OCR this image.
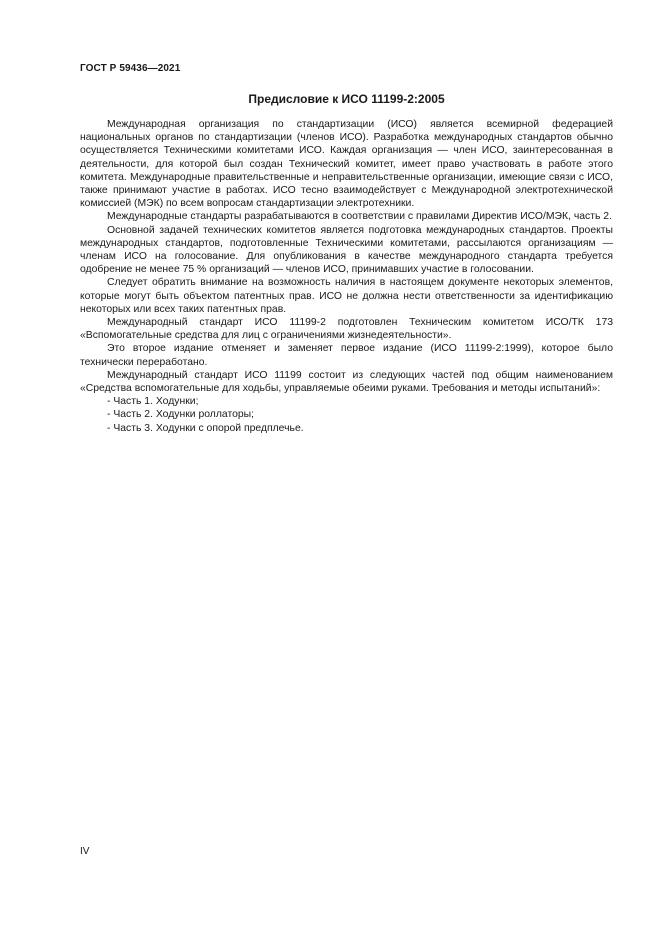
ГОСТ Р 59436—2021
Предисловие к ИСО 11199-2:2005

Международная организация по стандартизации (ИСО) является всемирной федерацией национальных органов по стандартизации (членов ИСО). Разработка международных стандартов обычно осуществляется Техническими комитетами ИСО. Каждая организация — член ИСО, заинтересованная в деятельности, для которой был создан Технический комитет, имеет право участвовать в работе этого комитета. Международные правительственные и неправительственные организации, имеющие связи с ИСО, также принимают участие в работах. ИСО тесно взаимодействует с Международной электротехнической комиссией (МЭК) по всем вопросам стандартизации электротехники.

Международные стандарты разрабатываются в соответствии с правилами Директив ИСО/МЭК, часть 2.

Основной задачей технических комитетов является подготовка международных стандартов. Проекты международных стандартов, подготовленные Техническими комитетами, рассылаются организациям — членам ИСО на голосование. Для опубликования в качестве международного стандарта требуется одобрение не менее 75 % организаций — членов ИСО, принимавших участие в голосовании.

Следует обратить внимание на возможность наличия в настоящем документе некоторых элементов, которые могут быть объектом патентных прав. ИСО не должна нести ответственности за идентификацию некоторых или всех таких патентных прав.

Международный стандарт ИСО 11199-2 подготовлен Техническим комитетом ИСО/ТК 173 «Вспомогательные средства для лиц с ограничениями жизнедеятельности».

Это второе издание отменяет и заменяет первое издание (ИСО 11199-2:1999), которое было технически переработано.

Международный стандарт ИСО 11199 состоит из следующих частей под общим наименованием «Средства вспомогательные для ходьбы, управляемые обеими руками. Требования и методы испытаний»:

- Часть 1. Ходунки;

- Часть 2. Ходунки роллаторы;

- Часть 3. Ходунки с опорой предплечье.

IV
